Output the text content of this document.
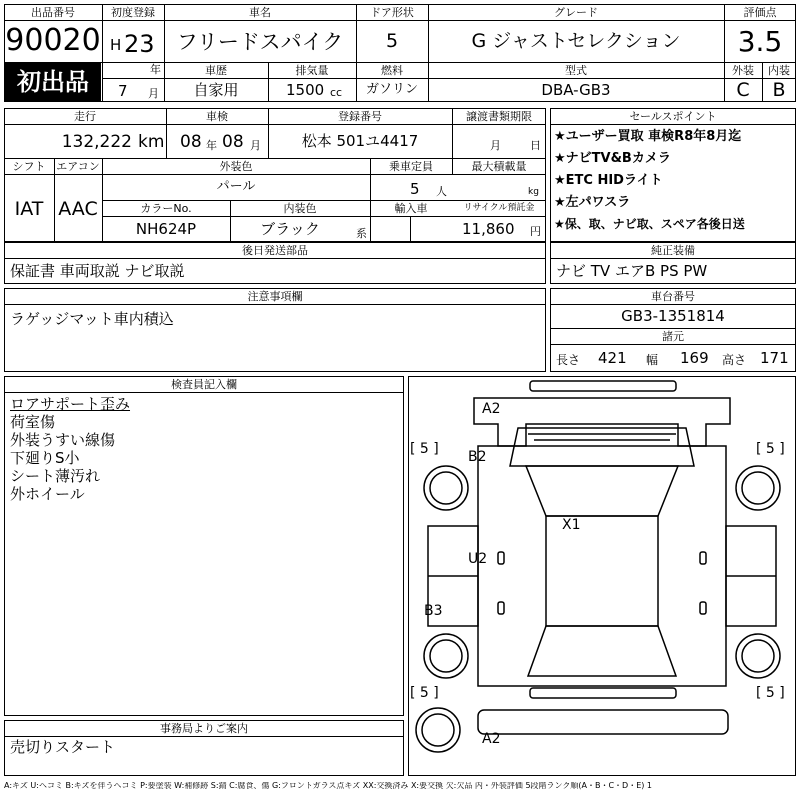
出品番号
90020
初出品
初度登録
H 23
年
7 月
車名
フリードスパイク
ドア形状
5
グレード
G ジャストセレクション
評価点
3.5
車歴
自家用
排気量
1500 cc
燃料
ガソリン
型式
DBA-GB3
外装
C
内装
B
走行
132,222 km
車検
08 年 08 月
登録番号
松本 501ユ4417
譲渡書類期限
月	日
シフト
IAT
エアコン
AAC
外装色
パール
乗車定員
5 人
最大積載量
kg
カラーNo.
NH624P
内装色
ブラック	系
輸入車	リサイクル預託金
11,860 円
セールスポイント
★ユーザー買取 車検R8年8月迄
★ナビTV&Bカメラ
★ETC HIDライト
★左パワスラ
★保、取、ナビ取、スペア各後日送
後日発送部品
保証書 車両取説 ナビ取説
純正装備
ナビ TV エアB PS PW
注意事項欄
ラゲッジマット車内積込
車台番号
GB3-1351814
諸元
長さ 421 幅 169 高さ 171
検査員記入欄
ロアサポート歪み
荷室傷
外装うすい線傷
下廻りS小
シート薄汚れ
外ホイール
事務局よりご案内
売切りスタート
A2
B2
X1
U2
B3
A2
[ 5 ]	[ 5 ]
[ 5 ]	[ 5 ]
A:キズ U:ヘコミ B:キズを伴うヘコミ P:要塗装 W:補修跡 S:錆 C:腐食、傷 G:フロントガラス点キズ XX:交換済み X:要交換 欠:欠品 内・外装評価 5段階ランク順(A・B・C・D・E) 1
